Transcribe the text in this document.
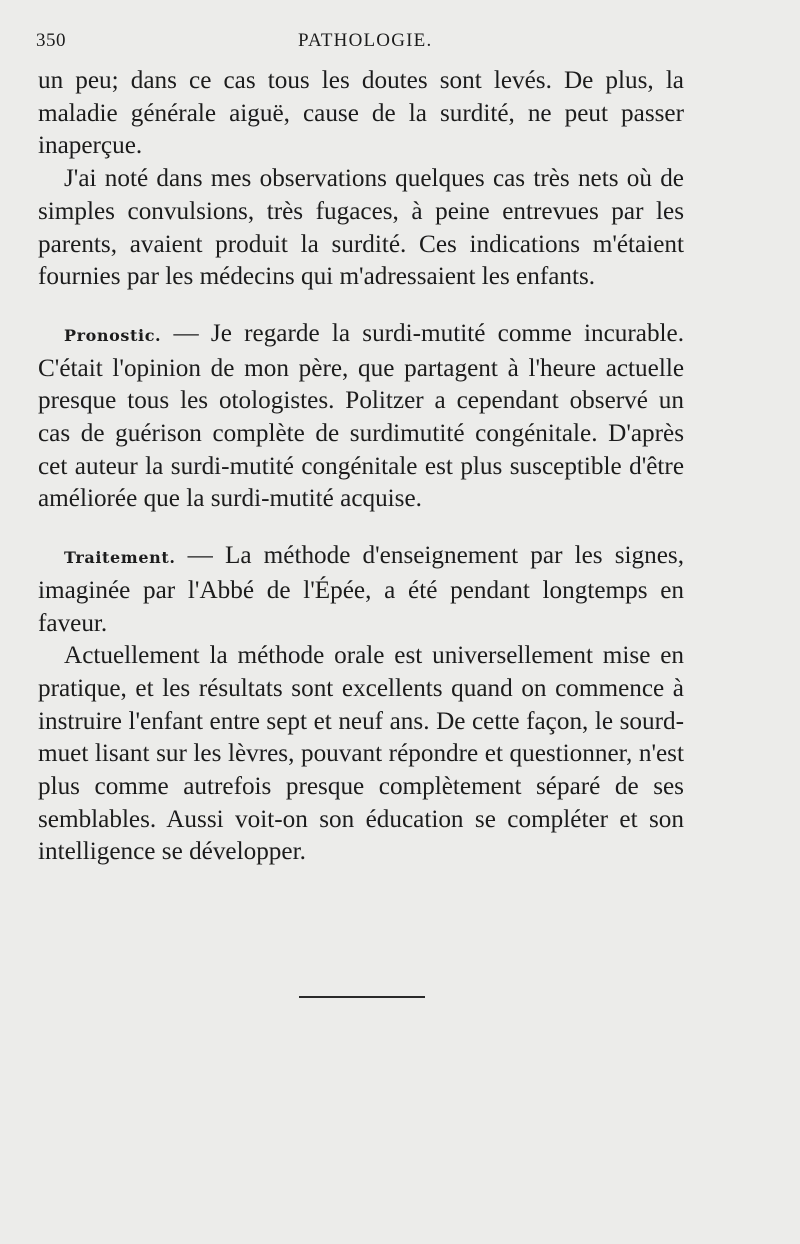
350	PATHOLOGIE.

un peu; dans ce cas tous les doutes sont levés. De plus, la maladie générale aiguë, cause de la surdité, ne peut passer inaperçue.

J'ai noté dans mes observations quelques cas très nets où de simples convulsions, très fugaces, à peine entrevues par les parents, avaient produit la surdité. Ces indications m'étaient fournies par les médecins qui m'adressaient les enfants.

Pronostic. — Je regarde la surdi-mutité comme incurable. C'était l'opinion de mon père, que partagent à l'heure actuelle presque tous les otologistes. Politzer a cependant observé un cas de guérison complète de surdimutité congénitale. D'après cet auteur la surdi-mutité congénitale est plus susceptible d'être améliorée que la surdi-mutité acquise.

Traitement. — La méthode d'enseignement par les signes, imaginée par l'Abbé de l'Épée, a été pendant longtemps en faveur.

Actuellement la méthode orale est universellement mise en pratique, et les résultats sont excellents quand on commence à instruire l'enfant entre sept et neuf ans. De cette façon, le sourd-muet lisant sur les lèvres, pouvant répondre et questionner, n'est plus comme autrefois presque complètement séparé de ses semblables. Aussi voit-on son éducation se compléter et son intelligence se développer.
